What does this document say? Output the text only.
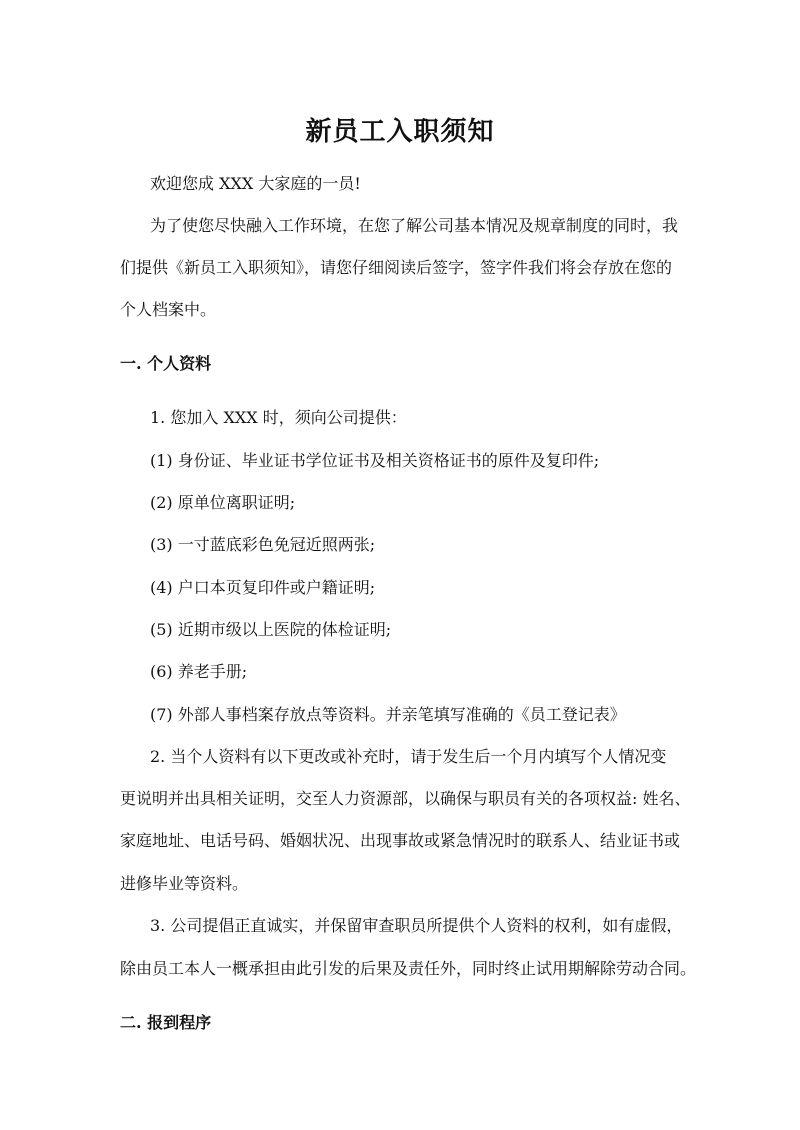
新员工入职须知
欢迎您成 XXX 大家庭的一员!
为了使您尽快融入工作环境，在您了解公司基本情况及规章制度的同时，我
们提供《新员工入职须知》，请您仔细阅读后签字，签字件我们将会存放在您的
个人档案中。
一. 个人资料
1. 您加入 XXX 时，须向公司提供：
(1) 身份证、毕业证书学位证书及相关资格证书的原件及复印件;
(2) 原单位离职证明;
(3) 一寸蓝底彩色免冠近照两张;
(4) 户口本页复印件或户籍证明;
(5) 近期市级以上医院的体检证明;
(6) 养老手册;
(7) 外部人事档案存放点等资料。并亲笔填写准确的《员工登记表》
2. 当个人资料有以下更改或补充时，请于发生后一个月内填写个人情况变
更说明并出具相关证明，交至人力资源部，以确保与职员有关的各项权益: 姓名、
家庭地址、电话号码、婚姻状况、出现事故或紧急情况时的联系人、结业证书或
进修毕业等资料。
3. 公司提倡正直诚实，并保留审查职员所提供个人资料的权利，如有虚假，
除由员工本人一概承担由此引发的后果及责任外，同时终止试用期解除劳动合同。
二. 报到程序
